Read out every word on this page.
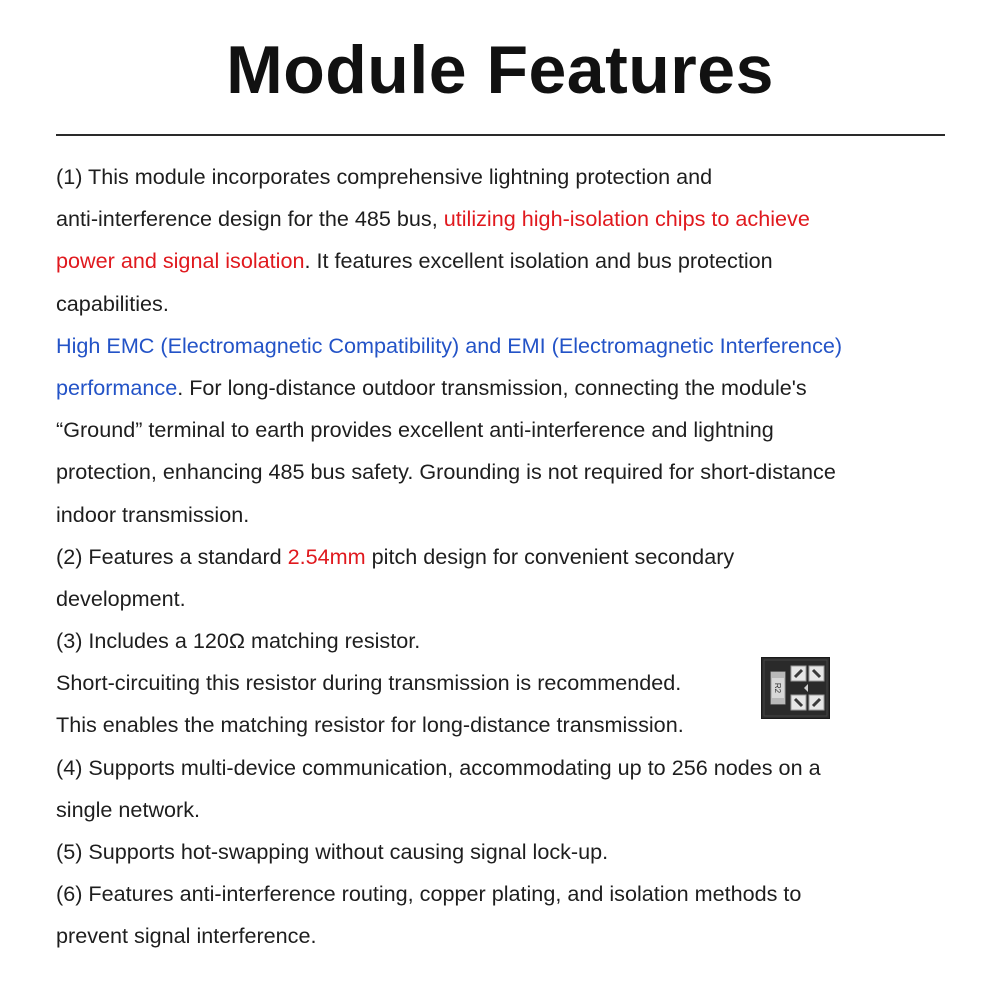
Module Features
(1) This module incorporates comprehensive lightning protection and
anti-interference design for the 485 bus, utilizing high-isolation chips to achieve
power and signal isolation. It features excellent isolation and bus protection
capabilities.
High EMC (Electromagnetic Compatibility) and EMI (Electromagnetic Interference)
performance. For long-distance outdoor transmission, connecting the module's
“Ground” terminal to earth provides excellent anti-interference and lightning
protection, enhancing 485 bus safety. Grounding is not required for short-distance
indoor transmission.
(2) Features a standard 2.54mm pitch design for convenient secondary
development.
(3) Includes a 120Ω matching resistor.
Short-circuiting this resistor during transmission is recommended.
This enables the matching resistor for long-distance transmission.
(4) Supports multi-device communication, accommodating up to 256 nodes on a
single network.
(5) Supports hot-swapping without causing signal lock-up.
(6) Features anti-interference routing, copper plating, and isolation methods to
prevent signal interference.
R2
